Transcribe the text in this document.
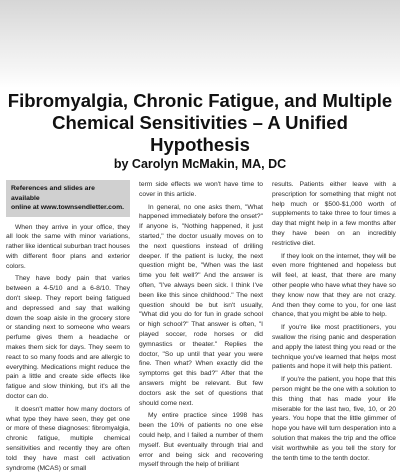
Fibromyalgia, Chronic Fatigue, and Multiple Chemical Sensitivities – A Unified Hypothesis
by Carolyn McMakin, MA, DC
References and slides are available
online at www.townsendletter.com.

When they arrive in your office, they all look the same with minor variations, rather like identical suburban tract houses with different floor plans and exterior colors.

They have body pain that varies between a 4-5/10 and a 6-8/10. They don't sleep. They report being fatigued and depressed and say that walking down the soap aisle in the grocery store or standing next to someone who wears perfume gives them a headache or makes them sick for days. They seem to react to so many foods and are allergic to everything. Medications might reduce the pain a little and create side effects like fatigue and slow thinking, but it's all the doctor can do.

It doesn't matter how many doctors of what type they have seen, they get one or more of these diagnoses: fibromyalgia, chronic fatigue, multiple chemical sensitivities and recently they are often told they have mast cell activation syndrome (MCAS) or small

term side effects we won't have time to cover in this article.

In general, no one asks them, "What happened immediately before the onset?" If anyone is, "Nothing happened, it just started," the doctor usually moves on to the next questions instead of drilling deeper. If the patient is lucky, the next question might be, "When was the last time you felt well?" And the answer is often, "I've always been sick. I think I've been like this since childhood." The next question should be but isn't usually, "What did you do for fun in grade school or high school?" That answer is often, "I played soccer, rode horses or did gymnastics or theater." Replies the doctor, "So up until that year you were fine. Then what? When exactly did the symptoms get this bad?" After that the answers might be relevant. But few doctors ask the set of questions that should come next.

My entire practice since 1998 has been the 10% of patients no one else could help, and I failed a number of them myself. But eventually through trial and error and being sick and recovering myself through the help of brilliant

results. Patients either leave with a prescription for something that might not help much or $500-$1,000 worth of supplements to take three to four times a day that might help in a few months after they have been on an incredibly restrictive diet.

If they look on the internet, they will be even more frightened and hopeless but will feel, at least, that there are many other people who have what they have so they know now that they are not crazy. And then they come to you, for one last chance, that you might be able to help.

If you're like most practitioners, you swallow the rising panic and desperation and apply the latest thing you read or the technique you've learned that helps most patients and hope it will help this patient.

If you're the patient, you hope that this person might be the one with a solution to this thing that has made your life miserable for the last two, five, 10, or 20 years. You hope that the little glimmer of hope you have will turn desperation into a solution that makes the trip and the office visit worthwhile as you tell the story for the tenth time to the tenth doctor.
